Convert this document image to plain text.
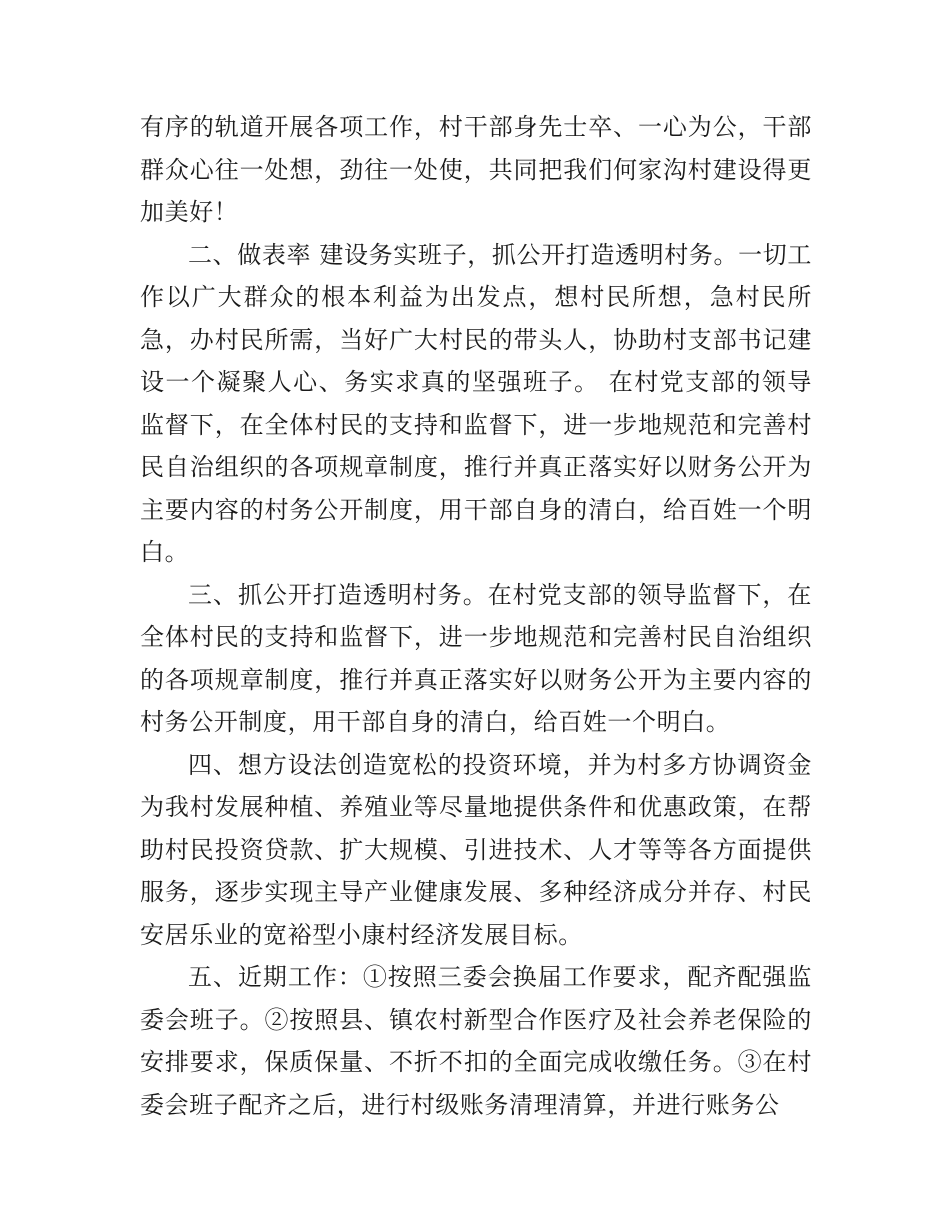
有序的轨道开展各项工作，村干部身先士卒、一心为公，干部群众心往一处想，劲往一处使，共同把我们何家沟村建设得更加美好！

二、做表率 建设务实班子，抓公开打造透明村务。一切工作以广大群众的根本利益为出发点，想村民所想，急村民所急，办村民所需，当好广大村民的带头人，协助村支部书记建设一个凝聚人心、务实求真的坚强班子。 在村党支部的领导监督下，在全体村民的支持和监督下，进一步地规范和完善村民自治组织的各项规章制度，推行并真正落实好以财务公开为主要内容的村务公开制度，用干部自身的清白，给百姓一个明白。

三、抓公开打造透明村务。在村党支部的领导监督下，在全体村民的支持和监督下，进一步地规范和完善村民自治组织的各项规章制度，推行并真正落实好以财务公开为主要内容的村务公开制度，用干部自身的清白，给百姓一个明白。

四、想方设法创造宽松的投资环境，并为村多方协调资金为我村发展种植、养殖业等尽量地提供条件和优惠政策，在帮助村民投资贷款、扩大规模、引进技术、人才等等各方面提供服务，逐步实现主导产业健康发展、多种经济成分并存、村民安居乐业的宽裕型小康村经济发展目标。

五、近期工作：①按照三委会换届工作要求，配齐配强监委会班子。②按照县、镇农村新型合作医疗及社会养老保险的安排要求，保质保量、不折不扣的全面完成收缴任务。③在村委会班子配齐之后，进行村级账务清理清算，并进行账务公
